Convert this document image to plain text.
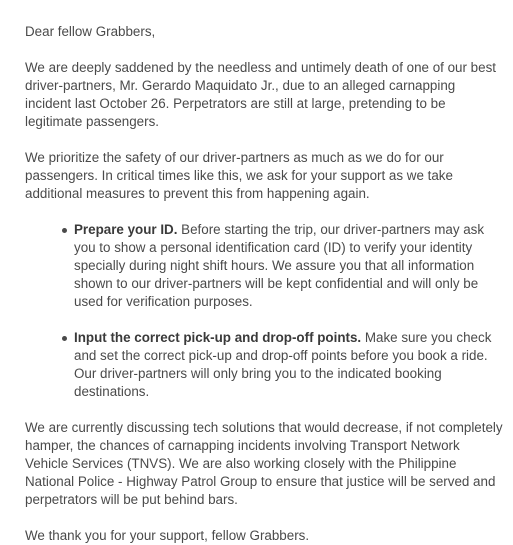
Dear fellow Grabbers,

We are deeply saddened by the needless and untimely death of one of our best driver-partners, Mr. Gerardo Maquidato Jr., due to an alleged carnapping incident last October 26. Perpetrators are still at large, pretending to be legitimate passengers.

We prioritize the safety of our driver-partners as much as we do for our passengers. In critical times like this, we ask for your support as we take additional measures to prevent this from happening again.

Prepare your ID. Before starting the trip, our driver-partners may ask you to show a personal identification card (ID) to verify your identity specially during night shift hours. We assure you that all information shown to our driver-partners will be kept confidential and will only be used for verification purposes.
Input the correct pick-up and drop-off points. Make sure you check and set the correct pick-up and drop-off points before you book a ride. Our driver-partners will only bring you to the indicated booking destinations.

We are currently discussing tech solutions that would decrease, if not completely hamper, the chances of carnapping incidents involving Transport Network Vehicle Services (TNVS). We are also working closely with the Philippine National Police - Highway Patrol Group to ensure that justice will be served and perpetrators will be put behind bars.

We thank you for your support, fellow Grabbers.
